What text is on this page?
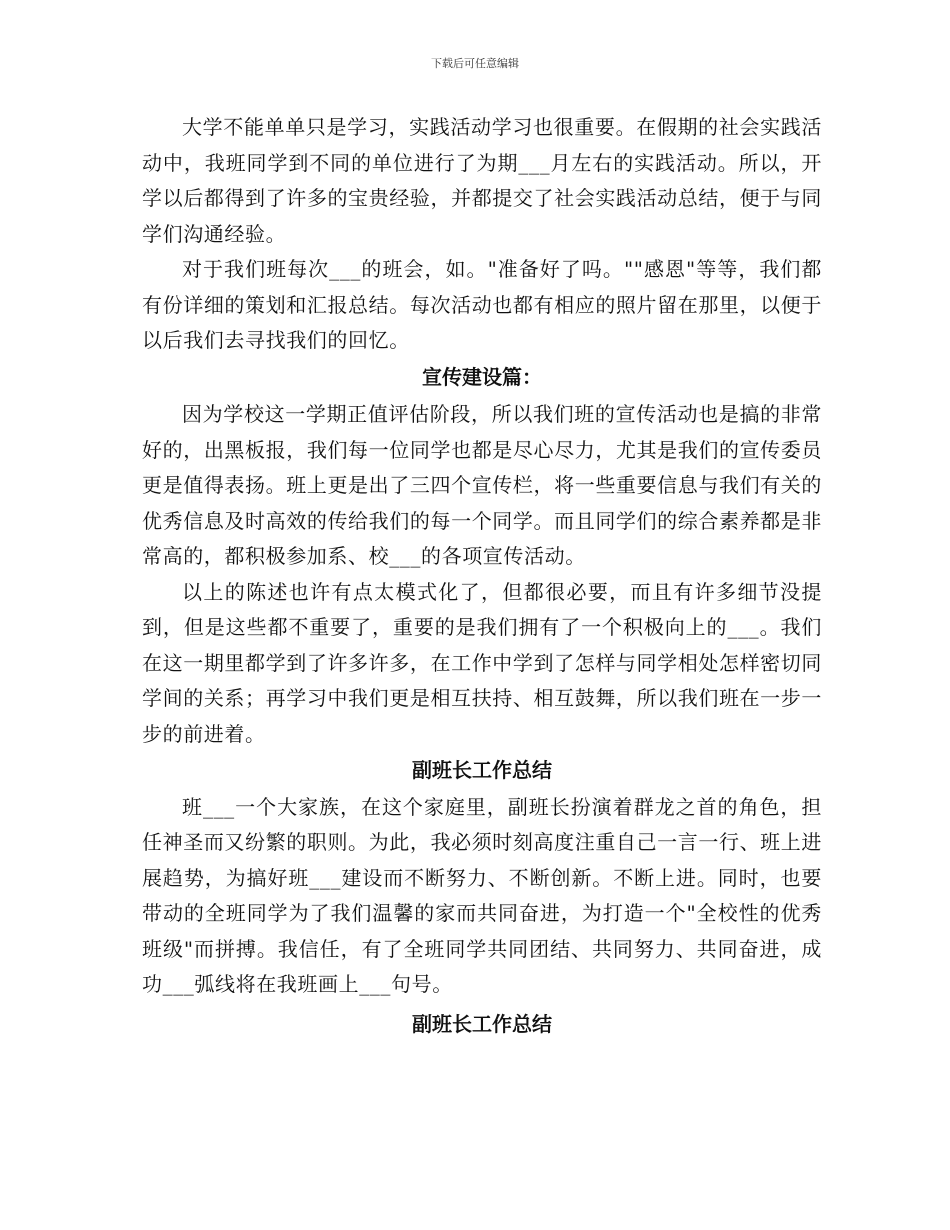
下载后可任意编辑

大学不能单单只是学习，实践活动学习也很重要。在假期的社会实践活动中，我班同学到不同的单位进行了为期___月左右的实践活动。所以，开学以后都得到了许多的宝贵经验，并都提交了社会实践活动总结，便于与同学们沟通经验。

对于我们班每次___的班会，如。"准备好了吗。""感恩"等等，我们都有份详细的策划和汇报总结。每次活动也都有相应的照片留在那里，以便于以后我们去寻找我们的回忆。

宣传建设篇：

因为学校这一学期正值评估阶段，所以我们班的宣传活动也是搞的非常好的，出黑板报，我们每一位同学也都是尽心尽力，尤其是我们的宣传委员更是值得表扬。班上更是出了三四个宣传栏，将一些重要信息与我们有关的优秀信息及时高效的传给我们的每一个同学。而且同学们的综合素养都是非常高的，都积极参加系、校___的各项宣传活动。

以上的陈述也许有点太模式化了，但都很必要，而且有许多细节没提到，但是这些都不重要了，重要的是我们拥有了一个积极向上的___。我们在这一期里都学到了许多许多，在工作中学到了怎样与同学相处怎样密切同学间的关系；再学习中我们更是相互扶持、相互鼓舞，所以我们班在一步一步的前进着。

副班长工作总结

班___一个大家族，在这个家庭里，副班长扮演着群龙之首的角色，担任神圣而又纷繁的职则。为此，我必须时刻高度注重自己一言一行、班上进展趋势，为搞好班___建设而不断努力、不断创新。不断上进。同时，也要带动的全班同学为了我们温馨的家而共同奋进，为打造一个"全校性的优秀班级"而拼搏。我信任，有了全班同学共同团结、共同努力、共同奋进，成功___弧线将在我班画上___句号。

副班长工作总结
